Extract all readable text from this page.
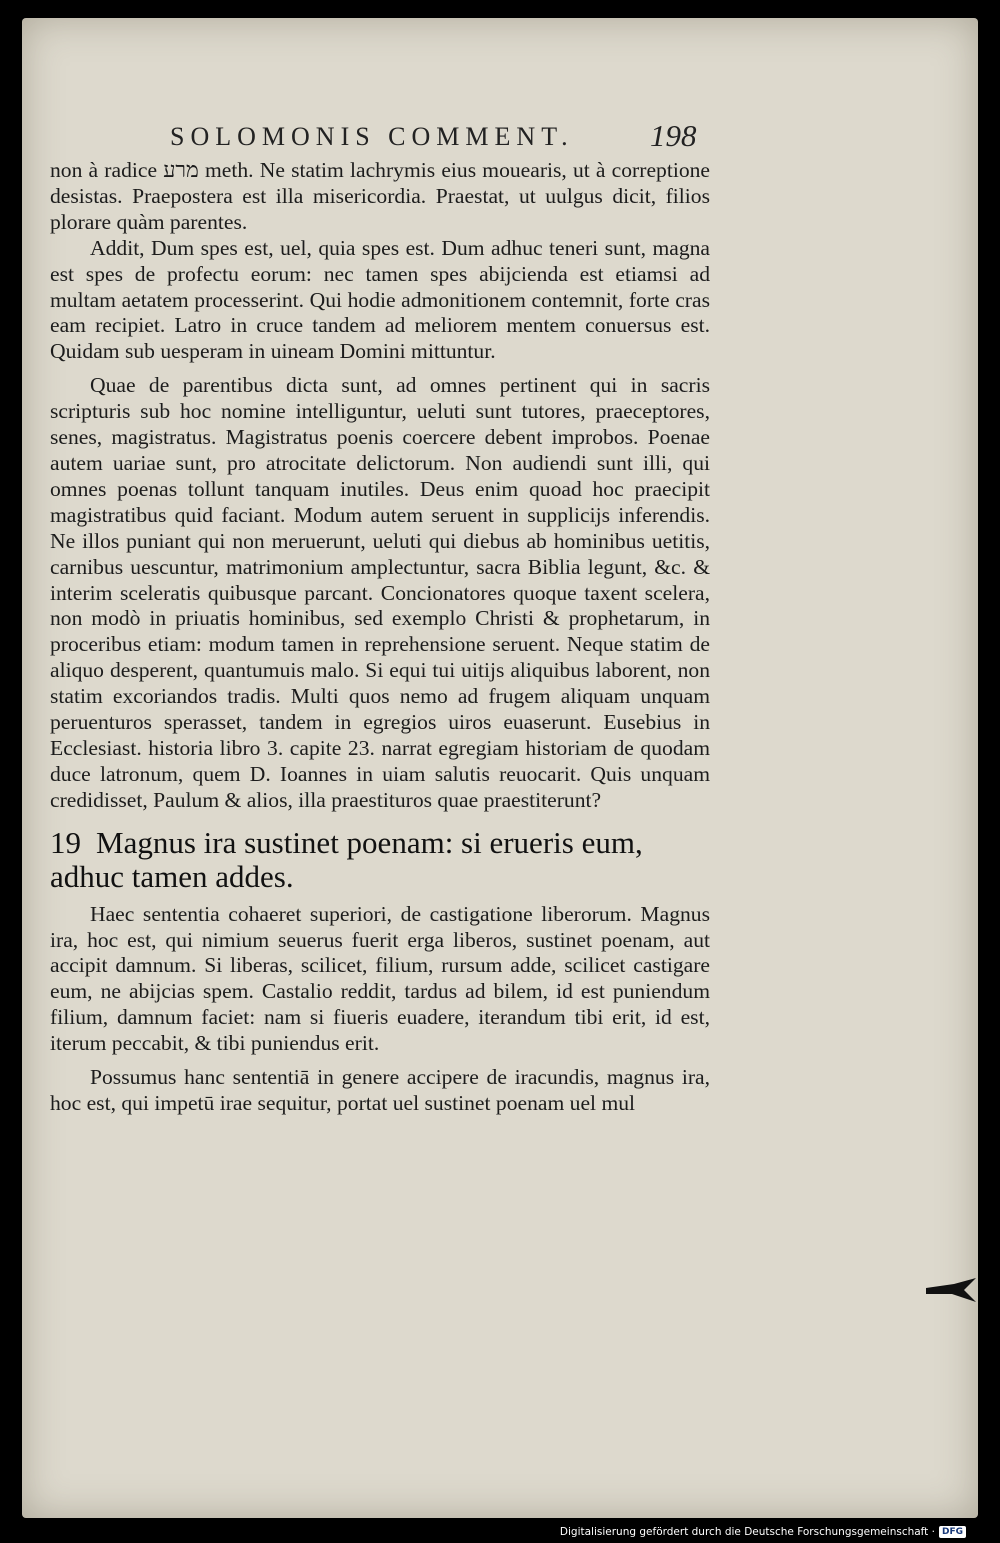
SOLOMONIS COMMENT. 198

non à radice מרע meth. Ne statim lachrymis eius mouearis, ut à correptione desistas. Praepostera est illa misericordia. Praestat, ut uulgus dicit, filios plorare quàm parentes.

Addit, Dum spes est, uel, quia spes est. Dum adhuc teneri sunt, magna est spes de profectu eorum: nec tamen spes abijcienda est etiamsi ad multam aetatem processerint. Qui hodie admonitionem contemnit, forte cras eam recipiet. Latro in cruce tandem ad meliorem mentem conuersus est. Quidam sub uesperam in uineam Domini mittuntur.

Quae de parentibus dicta sunt, ad omnes pertinent qui in sacris scripturis sub hoc nomine intelliguntur, ueluti sunt tutores, praeceptores, senes, magistratus. Magistratus poenis coercere debent improbos. Poenae autem uariae sunt, pro atrocitate delictorum. Non audiendi sunt illi, qui omnes poenas tollunt tanquam inutiles. Deus enim quoad hoc praecipit magistratibus quid faciant. Modum autem seruent in supplicijs inferendis. Ne illos puniant qui non meruerunt, ueluti qui diebus ab hominibus uetitis, carnibus uescuntur, matrimonium amplectuntur, sacra Biblia legunt, &c. & interim sceleratis quibusque parcant. Concionatores quoque taxent scelera, non modò in priuatis hominibus, sed exemplo Christi & prophetarum, in proceribus etiam: modum tamen in reprehensione seruent. Neque statim de aliquo desperent, quantumuis malo. Si equi tui uitijs aliquibus laborent, non statim excoriandos tradis. Multi quos nemo ad frugem aliquam unquam peruenturos sperasset, tandem in egregios uiros euaserunt. Eusebius in Ecclesiast. historia libro 3. capite 23. narrat egregiam historiam de quodam duce latronum, quem D. Ioannes in uiam salutis reuocarit. Quis unquam credidisset, Paulum & alios, illa praestituros quae praestiterunt?

19 Magnus ira sustinet poenam: si erueris eum, adhuc tamen addes.

Haec sententia cohaeret superiori, de castigatione liberorum. Magnus ira, hoc est, qui nimium seuerus fuerit erga liberos, sustinet poenam, aut accipit damnum. Si liberas, scilicet, filium, rursum adde, scilicet castigare eum, ne abijcias spem. Castalio reddit, tardus ad bilem, id est puniendum filium, damnum faciet: nam si fiueris euadere, iterandum tibi erit, id est, iterum peccabit, & tibi puniendus erit.

Possumus hanc sententiā in genere accipere de iracundis, magnus ira, hoc est, qui impetū irae sequitur, portat uel sustinet poenam uel mul

Digitalisierung gefördert durch die Deutsche Forschungsgemeinschaft · DFG
